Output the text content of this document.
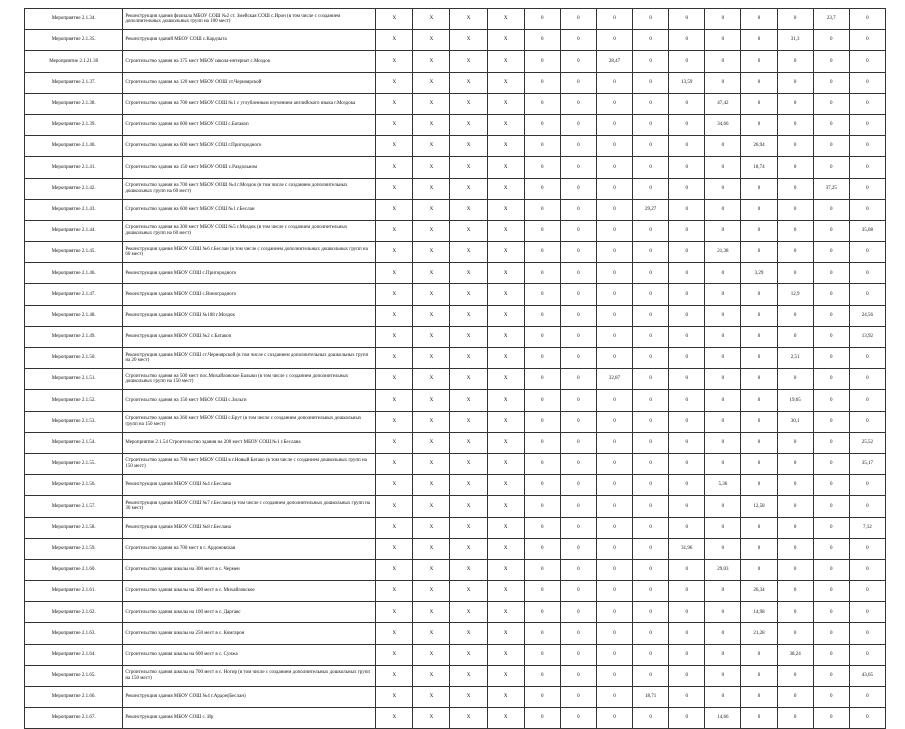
Мероприятие 2.1.34.	Реконструкция здания филиала МБОУ СОШ №2 ст. Змейская СОШ с.Ирон (в том числе с созданием дополнительных дошкольных групп на 100 мест)	Х	Х	Х	Х	0	0	0	0	0	0	0	0	23,7	0
Мероприятие 2.1.35.	Реконструкция зданий МБОУ СОШ с.Кардзыта	Х	Х	Х	Х	0	0	0	0	0	0	0	31,3	0	0
Мероприятие 2.1.21.36	Строительство здания на 375 мест МБОУ школа-интернат с.Моздок	Х	Х	Х	Х	0	0	28,47	0	0	0	0	0	0	0
Мероприятие 2.1.37.	Строительство здания на 120 мест МБОУ ООШ ст.Черноярской	Х	Х	Х	Х	0	0	0	0	13,59	0	0	0	0	0
Мероприятие 2.1.38.	Строительство здания на 700 мест МБОУ СОШ №1 с углубленным изучением английского языка г.Моздока	Х	Х	Х	Х	0	0	0	0	0	47,42	0	0	0	0
Мероприятие 2.1.39.	Строительство здания на 600 мест МБОУ СОШ с.Батакоп	Х	Х	Х	Х	0	0	0	0	0	34,66	0	0	0	0
Мероприятие 2.1.40.	Строительство здания на 600 мест МБОУ СОШ г.Пригородного	Х	Х	Х	Х	0	0	0	0	0	0	26,94	0	0	0
Мероприятие 2.1.41.	Строительство здания на 150 мест МБОУ ООШ с.Раздольном	Х	Х	Х	Х	0	0	0	0	0	0	18,74	0	0	0
Мероприятие 2.1.42.	Строительство здания на 700 мест МБОУ ООШ №4 г.Моздок (в том числе с созданием дополнительных дошкольных групп на 60 мест)	Х	Х	Х	Х	0	0	0	0	0	0	0	0	37,25	0
Мероприятие 2.1.43.	Строительство здания на 600 мест МБОУ СОШ №1 г.Беслан	Х	Х	Х	Х	0	0	0	29,27	0	0	0	0	0	0
Мероприятие 2.1.44.	Строительство здания на 300 мест МБОУ СОШ №5 г.Моздок (в том числе с созданием дополнительных дошкольных групп на 60 мест)	Х	Х	Х	Х	0	0	0	0	0	0	0	0	0	35,08
Мероприятие 2.1.45.	Реконструкция здания МБОУ СОШ №6 г.Беслан (в том числе с созданием дополнительных дошкольных групп на 60 мест)	Х	Х	Х	Х	0	0	0	0	0	21,38	0	0	0	0
Мероприятие 2.1.46.	Реконструкция здания МБОУ СОШ с.Пригородного	Х	Х	Х	Х	0	0	0	0	0	0	3,29	0	0	0
Мероприятие 2.1.47.	Реконструкция здания МБОУ СОШ с.Виноградного	Х	Х	Х	Х	0	0	0	0	0	0	0	12,9	0	0
Мероприятие 2.1.48.	Реконструкция здания МБОУ СОШ №108 г.Моздок	Х	Х	Х	Х	0	0	0	0	0	0	0	0	0	24,56
Мероприятие 2.1.49.	Реконструкция здания МБОУ СОШ №2 с.Батакоп	Х	Х	Х	Х	0	0	0	0	0	0	0	0	0	13,92
Мероприятие 2.1.50.	Реконструкция здания МБОУ СОШ ст.Черноярской (в том числе с созданием дополнительных дошкольных групп на 20 мест)	Х	Х	Х	Х	0	0	0	0	0	0	0	2,51	0	0
Мероприятие 2.1.51.	Строительство здания на 500 мест пос.Михайловское Балыки (в том числе с созданием дополнительных дошкольных групп на 150 мест)	Х	Х	Х	Х	0	0	32,87	0	0	0	0	0	0	0
Мероприятие 2.1.52.	Строительство здания на 150 мест МБОУ СОШ с.Зильги	Х	Х	Х	Х	0	0	0	0	0	0	0	19,65	0	0
Мероприятие 2.1.53.	Строительство здания на 360 мест МБОУ СОШ с.Брут (в том числе с созданием дополнительных дошкольных групп на 150 мест)	Х	Х	Х	Х	0	0	0	0	0	0	0	30,1	0	0
Мероприятие 2.1.54.	Мероприятие 2.1.54 Строительство здания на 200 мест МБОУ СОШ №1 г.Беслана	Х	Х	Х	Х	0	0	0	0	0	0	0	0	0	25,52
Мероприятие 2.1.55.	Строительство здания на 700 мест МБОУ СОШ в г.Новый Батако (в том числе с созданием дошкольных групп на 150 мест)	Х	Х	Х	Х	0	0	0	0	0	0	0	0	0	35,17
Мероприятие 2.1.56.	Реконструкция здания МБОУ СОШ №4 г.Беслана	Х	Х	Х	Х	0	0	0	0	0	5,36	0	0	0	0
Мероприятие 2.1.57.	Реконструкция здания МБОУ СОШ №7 г.Беслана (в том числе с созданием дополнительных дошкольных групп на 30 мест)	Х	Х	Х	Х	0	0	0	0	0	0	12,58	0	0	0
Мероприятие 2.1.58.	Реконструкция здания МБОУ СОШ №8 г.Беслана	Х	Х	Х	Х	0	0	0	0	0	0	0	0	0	7,12
Мероприятие 2.1.59.	Строительство здания на 700 мест в г. Ардоновская	Х	Х	Х	Х	0	0	0	0	31,96	0	0	0	0	0
Мероприятие 2.1.60.	Строительство здания школы на 300 мест в с. Чермен	Х	Х	Х	Х	0	0	0	0	0	29,03	0	0	0	0
Мероприятие 2.1.61.	Строительство здания школы на 300 мест в с. Михайловское	Х	Х	Х	Х	0	0	0	0	0	0	26,34	0	0	0
Мероприятие 2.1.62.	Строительство здания школы на 100 мест в с. Даргавс	Х	Х	Х	Х	0	0	0	0	0	0	14,98	0	0	0
Мероприятие 2.1.63.	Строительство здания школы на 250 мест в с. Комгарон	Х	Х	Х	Х	0	0	0	0	0	0	21,28	0	0	0
Мероприятие 2.1.64.	Строительство здания школы на 600 мест в с. Сунжа	Х	Х	Х	Х	0	0	0	0	0	0	0	38,24	0	0
Мероприятие 2.1.65.	Строительство здания школы на 700 мест в с. Ногир (в том числе с созданием дополнительных дошкольных групп на 150 мест)	Х	Х	Х	Х	0	0	0	0	0	0	0	0	0	43,65
Мероприятие 2.1.66.	Реконструкция здания МБОУ СОШ №4 г.Ардон(Беслан)	Х	Х	Х	Х	0	0	0	18,71	0	0	0	0	0	0
Мероприятие 2.1.67.	Реконструкция здания МБОУ СОШ с. Ир	Х	Х	Х	Х	0	0	0	0	0	14,66	0	0	0	0
